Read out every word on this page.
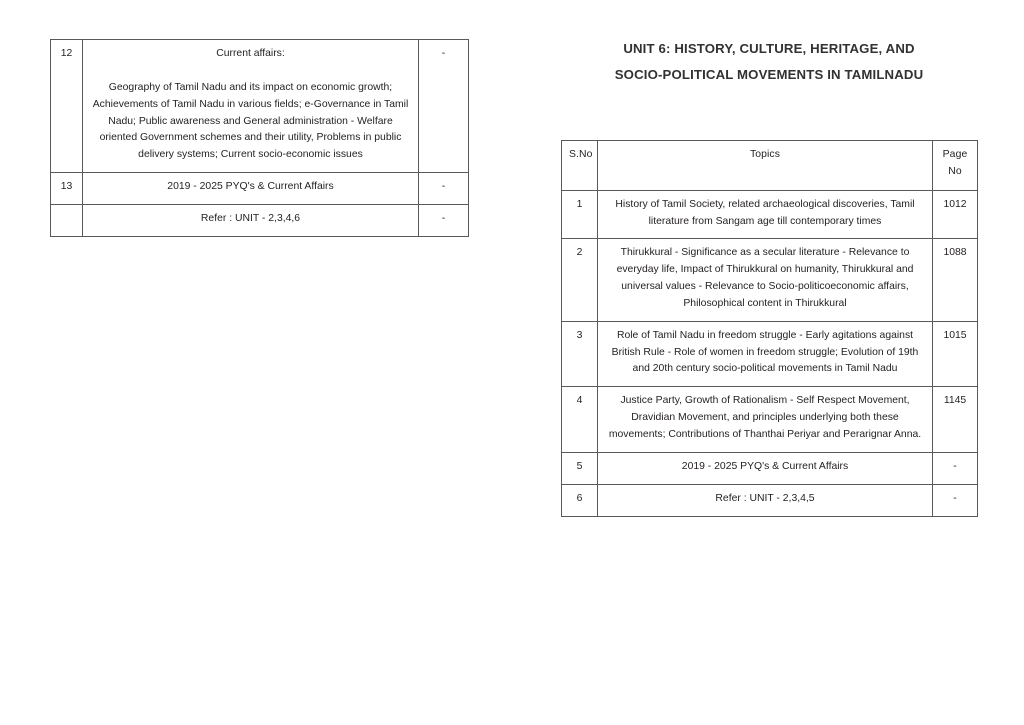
12	Current affairs:
Geography of Tamil Nadu and its impact on economic growth; Achievements of Tamil Nadu in various fields; e-Governance in Tamil Nadu; Public awareness and General administration - Welfare oriented Government schemes and their utility, Problems in public delivery systems; Current socio-economic issues	-
13	2019 - 2025 PYQ's & Current Affairs	-
	Refer : UNIT - 2,3,4,6	-
UNIT 6: HISTORY, CULTURE, HERITAGE, AND
SOCIO-POLITICAL MOVEMENTS IN TAMILNADU
S.No	Topics	Page
No
1	History of Tamil Society, related archaeological discoveries, Tamil literature from Sangam age till contemporary times	1012
2	Thirukkural - Significance as a secular literature - Relevance to everyday life, Impact of Thirukkural on humanity, Thirukkural and universal values - Relevance to Socio-politicoeconomic affairs, Philosophical content in Thirukkural	1088
3	Role of Tamil Nadu in freedom struggle - Early agitations against British Rule - Role of women in freedom struggle; Evolution of 19th and 20th century socio-political movements in Tamil Nadu	1015
4	Justice Party, Growth of Rationalism - Self Respect Movement, Dravidian Movement, and principles underlying both these movements; Contributions of Thanthai Periyar and Perarignar Anna.	1145
5	2019 - 2025 PYQ's & Current Affairs	-
6	Refer : UNIT - 2,3,4,5	-
